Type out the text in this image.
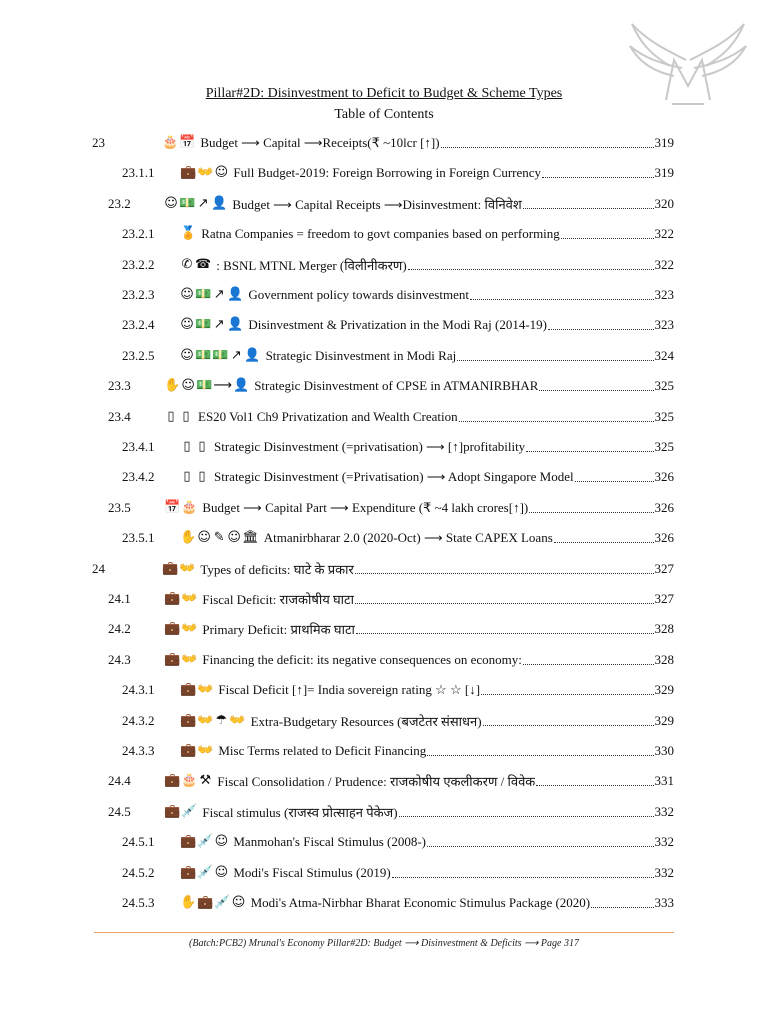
Pillar#2D: Disinvestment to Deficit to Budget & Scheme Types
Table of Contents
23	🎂 📅 Budget ⟶ Capital ⟶Receipts(₹ ~10lcr [↑])	319
23.1.1	💼 👐 ☺ Full Budget-2019: Foreign Borrowing in Foreign Currency	319
23.2	☺ 💵 ↗ 👤 Budget ⟶ Capital Receipts ⟶Disinvestment: विनिवेश	320
23.2.1	🏅 Ratna Companies = freedom to govt companies based on performing	322
23.2.2	✆ ☎ : BSNL MTNL Merger (विलीनीकरण)	322
23.2.3	☺ 💵 ↗ 👤 Government policy towards disinvestment	323
23.2.4	☺ 💵 ↗ 👤 Disinvestment & Privatization in the Modi Raj (2014-19)	323
23.2.5	☺ 💵 💵 ↗ 👤 Strategic Disinvestment in Modi Raj	324
23.3	✋ ☺ 💵 ⟶ 👤 Strategic Disinvestment of CPSE in ATMANIRBHAR	325
23.4	▯ ▯ ES20 Vol1 Ch9 Privatization and Wealth Creation	325
23.4.1	▯ ▯ Strategic Disinvestment (=privatisation) ⟶ [↑]profitability	325
23.4.2	▯ ▯ Strategic Disinvestment (=Privatisation) ⟶ Adopt Singapore Model	326
23.5	📅 🎂 Budget ⟶ Capital Part ⟶ Expenditure (₹ ~4 lakh crores[↑])	326
23.5.1	✋ ☺ ✎ ☺ 🏛 Atmanirbharar 2.0 (2020-Oct) ⟶ State CAPEX Loans	326
24	💼 👐 Types of deficits: घाटे के प्रकार	327
24.1	💼 👐 Fiscal Deficit: राजकोषीय घाटा	327
24.2	💼 👐 Primary Deficit: प्राथमिक घाटा	328
24.3	💼 👐 Financing the deficit: its negative consequences on economy:	328
24.3.1	💼 👐 Fiscal Deficit [↑]= India sovereign rating ☆ ☆ [↓]	329
24.3.2	💼 👐 ☂ 👐 Extra-Budgetary Resources (बजटेतर संसाधन)	329
24.3.3	💼 👐 Misc Terms related to Deficit Financing	330
24.4	💼 🎂 ⚒ Fiscal Consolidation / Prudence: राजकोषीय एकलीकरण / विवेक	331
24.5	💼 💉 Fiscal stimulus (राजस्व प्रोत्साहन पेकेज)	332
24.5.1	💼 💉 ☺ Manmohan's Fiscal Stimulus (2008-)	332
24.5.2	💼 💉 ☺ Modi's Fiscal Stimulus (2019)	332
24.5.3	✋ 💼 💉 ☺ Modi's Atma-Nirbhar Bharat Economic Stimulus Package (2020)	333
(Batch:PCB2) Mrunal's Economy Pillar#2D: Budget ⟶ Disinvestment & Deficits ⟶ Page 317
